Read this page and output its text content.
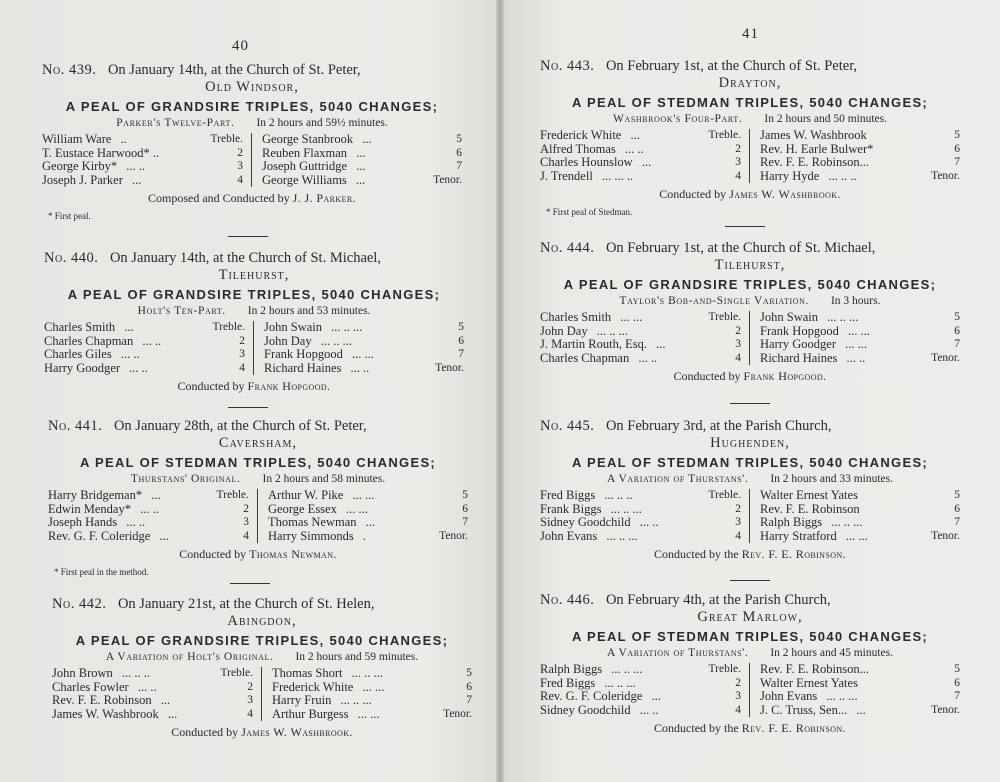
40
41
No. 439. On January 14th, at the Church of St. Peter,
Old Windsor,
A PEAL OF GRANDSIRE TRIPLES, 5040 CHANGES;
Parker's Twelve-Part. In 2 hours and 59½ minutes.
William Ware ..	Treble.
T. Eustace Harwood* ..	2
George Kirby* ... ..	3
Joseph J. Parker ...	4
George Stanbrook ...	5
Reuben Flaxman ...	6
Joseph Guttridge ...	7
George Williams ...	Tenor.
Composed and Conducted by J. J. Parker.
* First peal.
No. 440. On January 14th, at the Church of St. Michael,
Tilehurst,
A PEAL OF GRANDSIRE TRIPLES, 5040 CHANGES;
Holt's Ten-Part. In 2 hours and 53 minutes.
Charles Smith ...	Treble.
Charles Chapman ... ..	2
Charles Giles ... ..	3
Harry Goodger ... ..	4
John Swain ... .. ...	5
John Day ... .. ...	6
Frank Hopgood ... ...	7
Richard Haines ... ..	Tenor.
Conducted by Frank Hopgood.
No. 441. On January 28th, at the Church of St. Peter,
Caversham,
A PEAL OF STEDMAN TRIPLES, 5040 CHANGES;
Thurstans' Original. In 2 hours and 58 minutes.
Harry Bridgeman* ...	Treble.
Edwin Menday* ... ..	2
Joseph Hands ... ..	3
Rev. G. F. Coleridge ...	4
Arthur W. Pike ... ...	5
George Essex ... ...	6
Thomas Newman ...	7
Harry Simmonds .	Tenor.
Conducted by Thomas Newman.
* First peal in the method.
No. 442. On January 21st, at the Church of St. Helen,
Abingdon,
A PEAL OF GRANDSIRE TRIPLES, 5040 CHANGES;
A Variation of Holt's Original. In 2 hours and 59 minutes.
John Brown ... .. ..	Treble.
Charles Fowler ... ..	2
Rev. F. E. Robinson ...	3
James W. Washbrook ...	4
Thomas Short ... .. ...	5
Frederick White ... ...	6
Harry Fruin ... .. ...	7
Arthur Burgess ... ...	Tenor.
Conducted by James W. Washbrook.
No. 443. On February 1st, at the Church of St. Peter,
Drayton,
A PEAL OF STEDMAN TRIPLES, 5040 CHANGES;
Washbrook's Four-Part. In 2 hours and 50 minutes.
Frederick White ...	Treble.
Alfred Thomas ... ..	2
Charles Hounslow ...	3
J. Trendell ... ... ..	4
James W. Washbrook	5
Rev. H. Earle Bulwer*	6
Rev. F. E. Robinson...	7
Harry Hyde ... .. ..	Tenor.
Conducted by James W. Washbrook.
* First peal of Stedman.
No. 444. On February 1st, at the Church of St. Michael,
Tilehurst,
A PEAL OF GRANDSIRE TRIPLES, 5040 CHANGES;
Taylor's Bob-and-Single Variation. In 3 hours.
Charles Smith ... ...	Treble.
John Day ... .. ...	2
J. Martin Routh, Esq. ...	3
Charles Chapman ... ..	4
John Swain ... .. ...	5
Frank Hopgood ... ...	6
Harry Goodger ... ...	7
Richard Haines ... ..	Tenor.
Conducted by Frank Hopgood.
No. 445. On February 3rd, at the Parish Church,
Hughenden,
A PEAL OF STEDMAN TRIPLES, 5040 CHANGES;
A Variation of Thurstans'. In 2 hours and 33 minutes.
Fred Biggs ... .. ..	Treble.
Frank Biggs ... .. ...	2
Sidney Goodchild ... ..	3
John Evans ... .. ...	4
Walter Ernest Yates	5
Rev. F. E. Robinson	6
Ralph Biggs ... .. ...	7
Harry Stratford ... ...	Tenor.
Conducted by the Rev. F. E. Robinson.
No. 446. On February 4th, at the Parish Church,
Great Marlow,
A PEAL OF STEDMAN TRIPLES, 5040 CHANGES;
A Variation of Thurstans'. In 2 hours and 45 minutes.
Ralph Biggs ... .. ...	Treble.
Fred Biggs ... .. ...	2
Rev. G. F. Coleridge ...	3
Sidney Goodchild ... ..	4
Rev. F. E. Robinson...	5
Walter Ernest Yates	6
John Evans ... .. ...	7
J. C. Truss, Sen... ...	Tenor.
Conducted by the Rev. F. E. Robinson.
